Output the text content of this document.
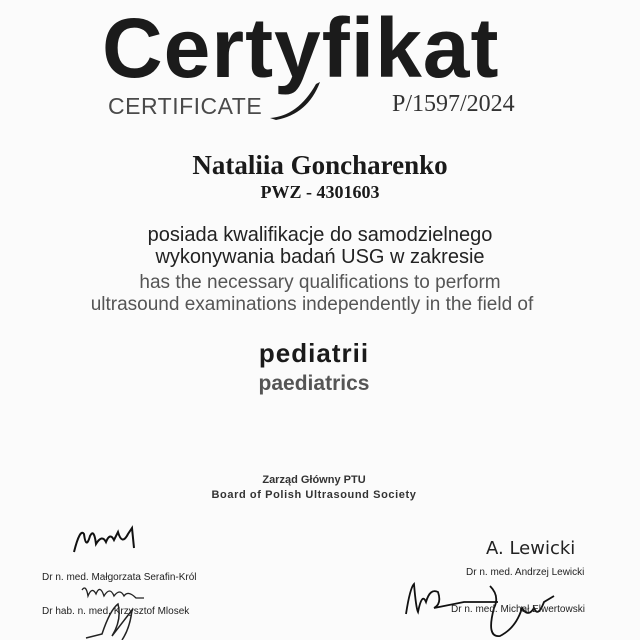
Certyfikat
CERTIFICATE	P/1597/2024
Nataliia Goncharenko
PWZ - 4301603
posiada kwalifikacje do samodzielnego
wykonywania badań USG w zakresie
has the necessary qualifications to perform
ultrasound examinations independently in the field of
pediatrii
paediatrics
Zarząd Główny PTU
Board of Polish Ultrasound Society
Dr n. med. Małgorzata Serafin-Król
Dr hab. n. med. Krzysztof Mlosek
A. Lewicki
Dr n. med. Andrzej Lewicki
Dr n. med. Michał Elwertowski
